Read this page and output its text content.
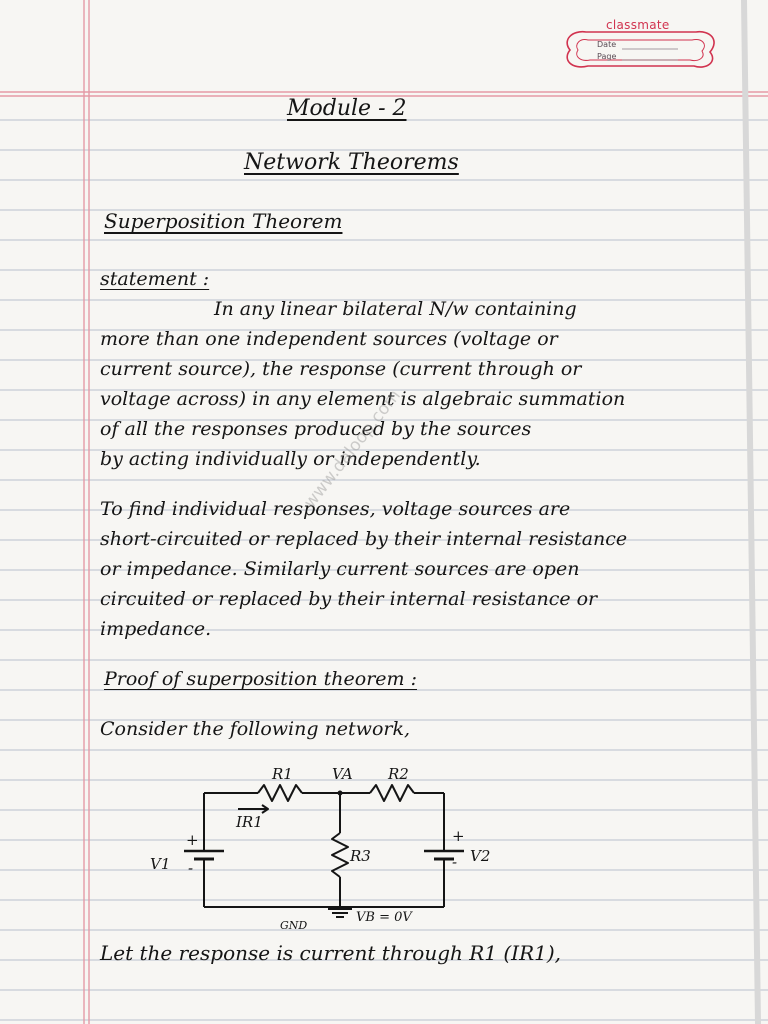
classmate
Date
Page
Module - 2
Network Theorems
Superposition Theorem
statement :
In any linear bilateral N/w containing
more than one independent sources (voltage or
current source), the response (current through or
voltage across) in any element is algebraic summation
of all the responses produced by the sources
by acting individually or independently.
To find individual responses, voltage sources are
short-circuited or replaced by their internal resistance
or impedance. Similarly current sources are open
circuited or replaced by their internal resistance or
impedance.
Proof of superposition theorem :
Consider the following network,
R1	VA R2
IR1
R3
V1	V2
+
-
+
-
GND
VB = 0V
Let the response is current through R1 (IR1),
www.daloop.com
